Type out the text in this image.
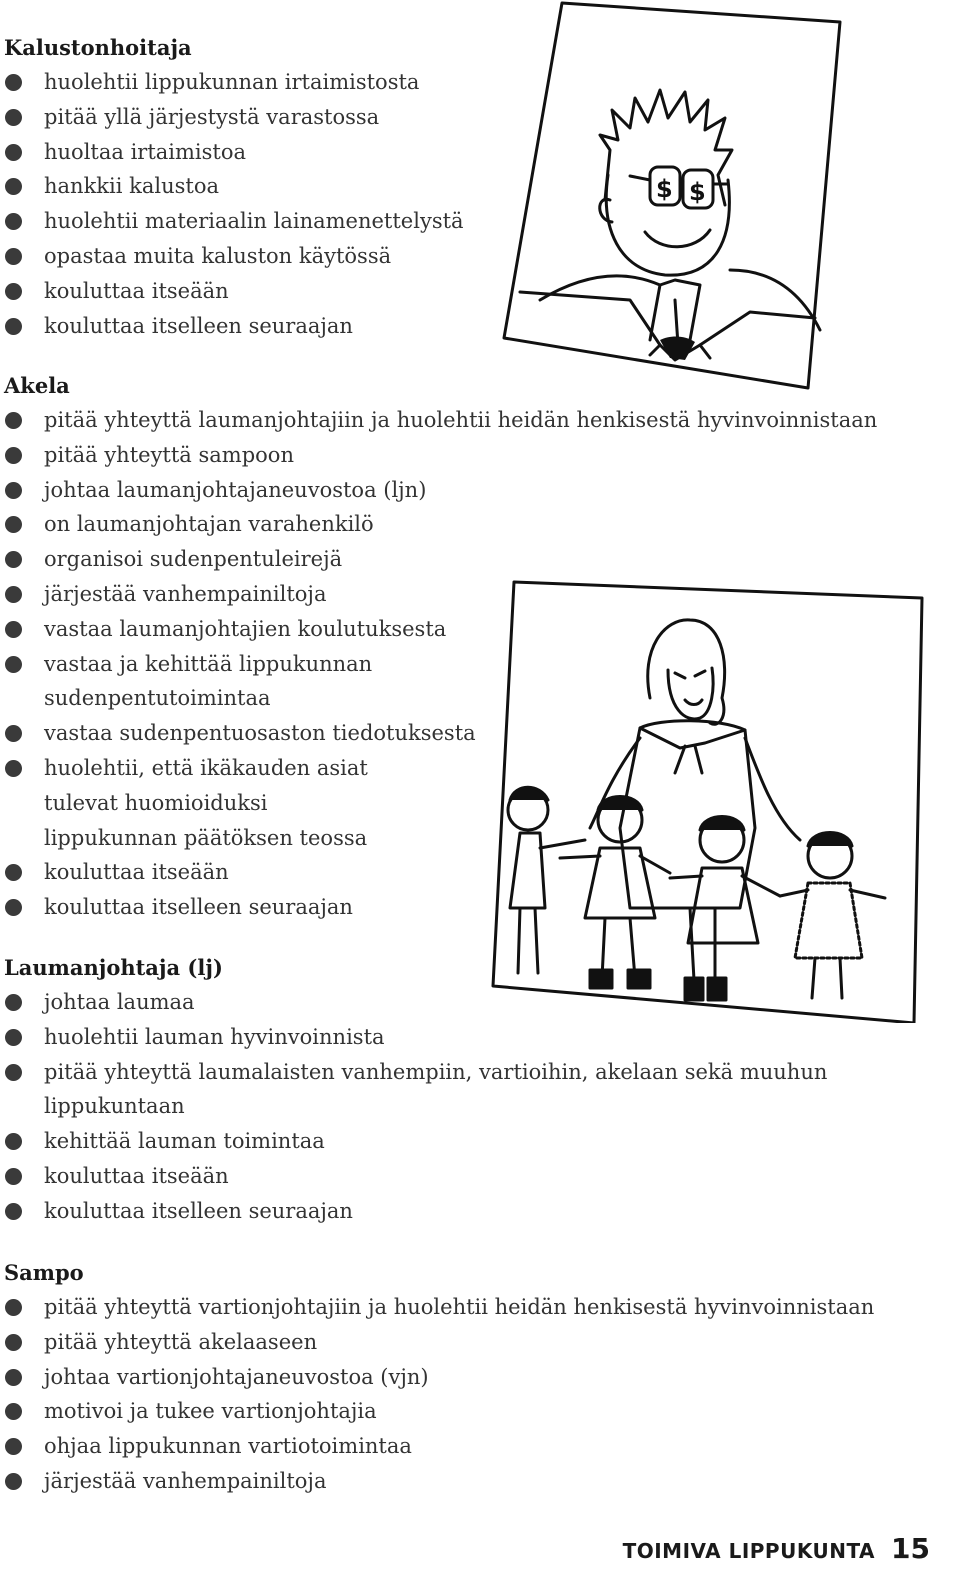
$ $
Kalustonhoitaja
huolehtii lippukunnan irtaimistosta
pitää yllä järjestystä varastossa
huoltaa irtaimistoa
hankkii kalustoa
huolehtii materiaalin lainamenettelystä
opastaa muita kaluston käytössä
kouluttaa itseään
kouluttaa itselleen seuraajan
Akela
pitää yhteyttä laumanjohtajiin ja huolehtii heidän henkisestä hyvinvoinnistaan
pitää yhteyttä sampoon
johtaa laumanjohtajaneuvostoa (ljn)
on laumanjohtajan varahenkilö
organisoi sudenpentuleirejä
järjestää vanhempainiltoja
vastaa laumanjohtajien koulutuksesta
vastaa ja kehittää lippukunnan sudenpentutoimintaa
vastaa sudenpentuosaston tiedotuksesta
huolehtii, että ikäkauden asiat tulevat huomioiduksi lippukunnan päätöksen teossa
kouluttaa itseään
kouluttaa itselleen seuraajan
Laumanjohtaja (lj)
johtaa laumaa
huolehtii lauman hyvinvoinnista
pitää yhteyttä laumalaisten vanhempiin, vartioihin, akelaan sekä muuhun lippukuntaan
kehittää lauman toimintaa
kouluttaa itseään
kouluttaa itselleen seuraajan
Sampo
pitää yhteyttä vartionjohtajiin ja huolehtii heidän henkisestä hyvinvoinnistaan
pitää yhteyttä akelaaseen
johtaa vartionjohtajaneuvostoa (vjn)
motivoi ja tukee vartionjohtajia
ohjaa lippukunnan vartiotoimintaa
järjestää vanhempainiltoja
TOIMIVA LIPPUKUNTA 15
